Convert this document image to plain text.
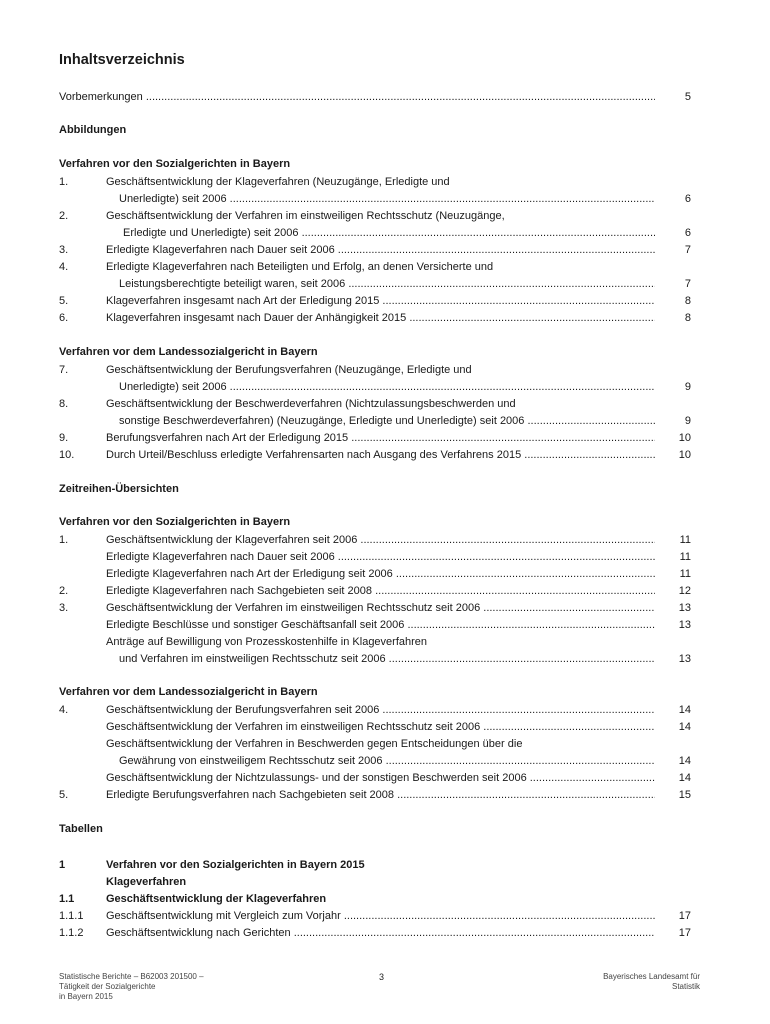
Inhaltsverzeichnis
Vorbemerkungen .....	5
Abbildungen
Verfahren vor den Sozialgerichten in Bayern
1.	Geschäftsentwicklung der Klageverfahren (Neuzugänge, Erledigte und
Unerledigte) seit 2006 .....	6
2.	Geschäftsentwicklung der Verfahren im einstweiligen Rechtsschutz (Neuzugänge,
Erledigte und Unerledigte) seit 2006 .....	6
3.	Erledigte Klageverfahren nach Dauer seit 2006 .....	7
4.	Erledigte Klageverfahren nach Beteiligten und Erfolg, an denen Versicherte und
Leistungsberechtigte beteiligt waren, seit 2006 .....	7
5.	Klageverfahren insgesamt nach Art der Erledigung 2015 .....	8
6.	Klageverfahren insgesamt nach Dauer der Anhängigkeit 2015 .....	8
Verfahren vor dem Landessozialgericht in Bayern
7.	Geschäftsentwicklung der Berufungsverfahren (Neuzugänge, Erledigte und
Unerledigte) seit 2006 .....	9
8.	Geschäftsentwicklung der Beschwerdeverfahren (Nichtzulassungsbeschwerden und
sonstige Beschwerdeverfahren) (Neuzugänge, Erledigte und Unerledigte) seit 2006 .....	9
9.	Berufungsverfahren nach Art der Erledigung 2015 .....	10
10.	Durch Urteil/Beschluss erledigte Verfahrensarten nach Ausgang des Verfahrens 2015 .....	10
Zeitreihen-Übersichten
Verfahren vor den Sozialgerichten in Bayern
1.	Geschäftsentwicklung der Klageverfahren seit 2006 .....	11
Erledigte Klageverfahren nach Dauer seit 2006 .....	11
Erledigte Klageverfahren nach Art der Erledigung seit 2006 .....	11
2.	Erledigte Klageverfahren nach Sachgebieten seit 2008 .....	12
3.	Geschäftsentwicklung der Verfahren im einstweiligen Rechtsschutz seit 2006 .....	13
Erledigte Beschlüsse und sonstiger Geschäftsanfall seit 2006 .....	13
Anträge auf Bewilligung von Prozesskostenhilfe in Klageverfahren
und Verfahren im einstweiligen Rechtsschutz seit 2006 .....	13
Verfahren vor dem Landessozialgericht in Bayern
4.	Geschäftsentwicklung der Berufungsverfahren seit 2006 .....	14
Geschäftsentwicklung der Verfahren im einstweiligen Rechtsschutz seit 2006 .....	14
Geschäftsentwicklung der Verfahren in Beschwerden gegen Entscheidungen über die
Gewährung von einstweiligem Rechtsschutz seit 2006 .....	14
Geschäftsentwicklung der Nichtzulassungs- und der sonstigen Beschwerden seit 2006 .....	14
5.	Erledigte Berufungsverfahren nach Sachgebieten seit 2008 .....	15
Tabellen
1	Verfahren vor den Sozialgerichten in Bayern 2015
Klageverfahren
1.1	Geschäftsentwicklung der Klageverfahren
1.1.1 Geschäftsentwicklung mit Vergleich zum Vorjahr .....	17
1.1.2 Geschäftsentwicklung nach Gerichten .....	17
Statistische Berichte – B62003 201500 –
Tätigkeit der Sozialgerichte
in Bayern 2015
3	Bayerisches Landesamt für
Statistik
